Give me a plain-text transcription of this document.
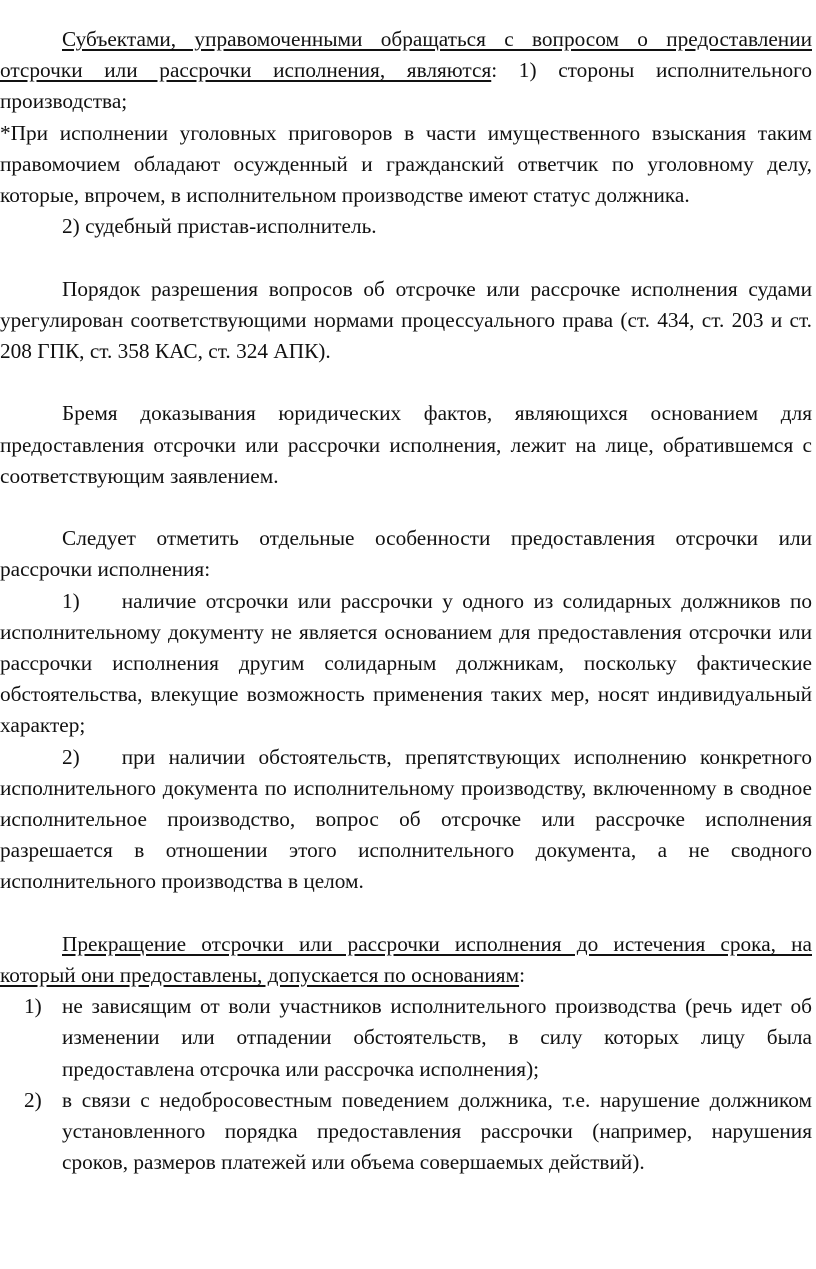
Субъектами, управомоченными обращаться с вопросом о предоставлении отсрочки или рассрочки исполнения, являются: 1) стороны исполнительного производства;

*При исполнении уголовных приговоров в части имущественного взыскания таким правомочием обладают осужденный и гражданский ответчик по уголовному делу, которые, впрочем, в исполнительном производстве имеют статус должника.

2) судебный пристав-исполнитель.

Порядок разрешения вопросов об отсрочке или рассрочке исполнения судами урегулирован соответствующими нормами процессуального права (ст. 434, ст. 203 и ст. 208 ГПК, ст. 358 КАС, ст. 324 АПК).

Бремя доказывания юридических фактов, являющихся основанием для предоставления отсрочки или рассрочки исполнения, лежит на лице, обратившемся с соответствующим заявлением.

Следует отметить отдельные особенности предоставления отсрочки или рассрочки исполнения:

1) наличие отсрочки или рассрочки у одного из солидарных должников по исполнительному документу не является основанием для предоставления отсрочки или рассрочки исполнения другим солидарным должникам, поскольку фактические обстоятельства, влекущие возможность применения таких мер, носят индивидуальный характер;

2) при наличии обстоятельств, препятствующих исполнению конкретного исполнительного документа по исполнительному производству, включенному в сводное исполнительное производство, вопрос об отсрочке или рассрочке исполнения разрешается в отношении этого исполнительного документа, а не сводного исполнительного производства в целом.

Прекращение отсрочки или рассрочки исполнения до истечения срока, на который они предоставлены, допускается по основаниям:

1) не зависящим от воли участников исполнительного производства (речь идет об изменении или отпадении обстоятельств, в силу которых лицу была предоставлена отсрочка или рассрочка исполнения);
2) в связи с недобросовестным поведением должника, т.е. нарушение должником установленного порядка предоставления рассрочки (например, нарушения сроков, размеров платежей или объема совершаемых действий).
